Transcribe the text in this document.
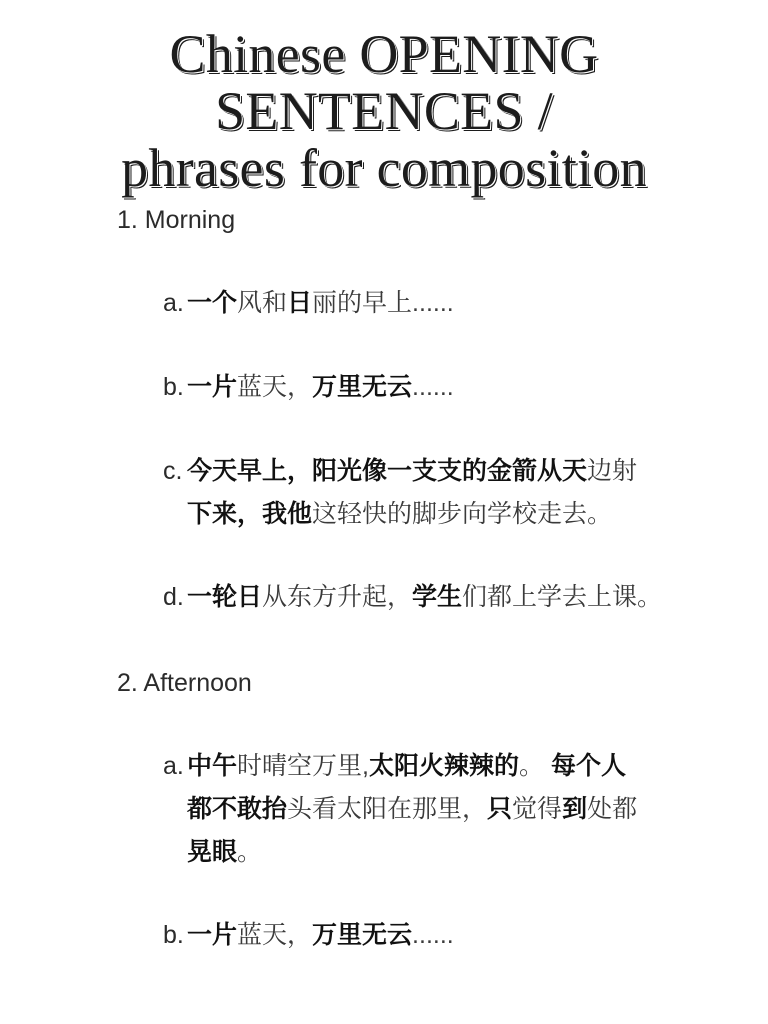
Chinese OPENING
SENTENCES /
phrases for composition
1. Morning
a. 一个风和日丽的早上......
b. 一片蓝天，万里无云......
c. 今天早上，阳光像一支支的金箭从天边射
下来，我他这轻快的脚步向学校走去。
d. 一轮日从东方升起，学生们都上学去上课。
2. Afternoon
a. 中午时晴空万里,太阳火辣辣的。 每个人
都不敢抬头看太阳在那里，只觉得到处都
晃眼。
b. 一片蓝天，万里无云......
